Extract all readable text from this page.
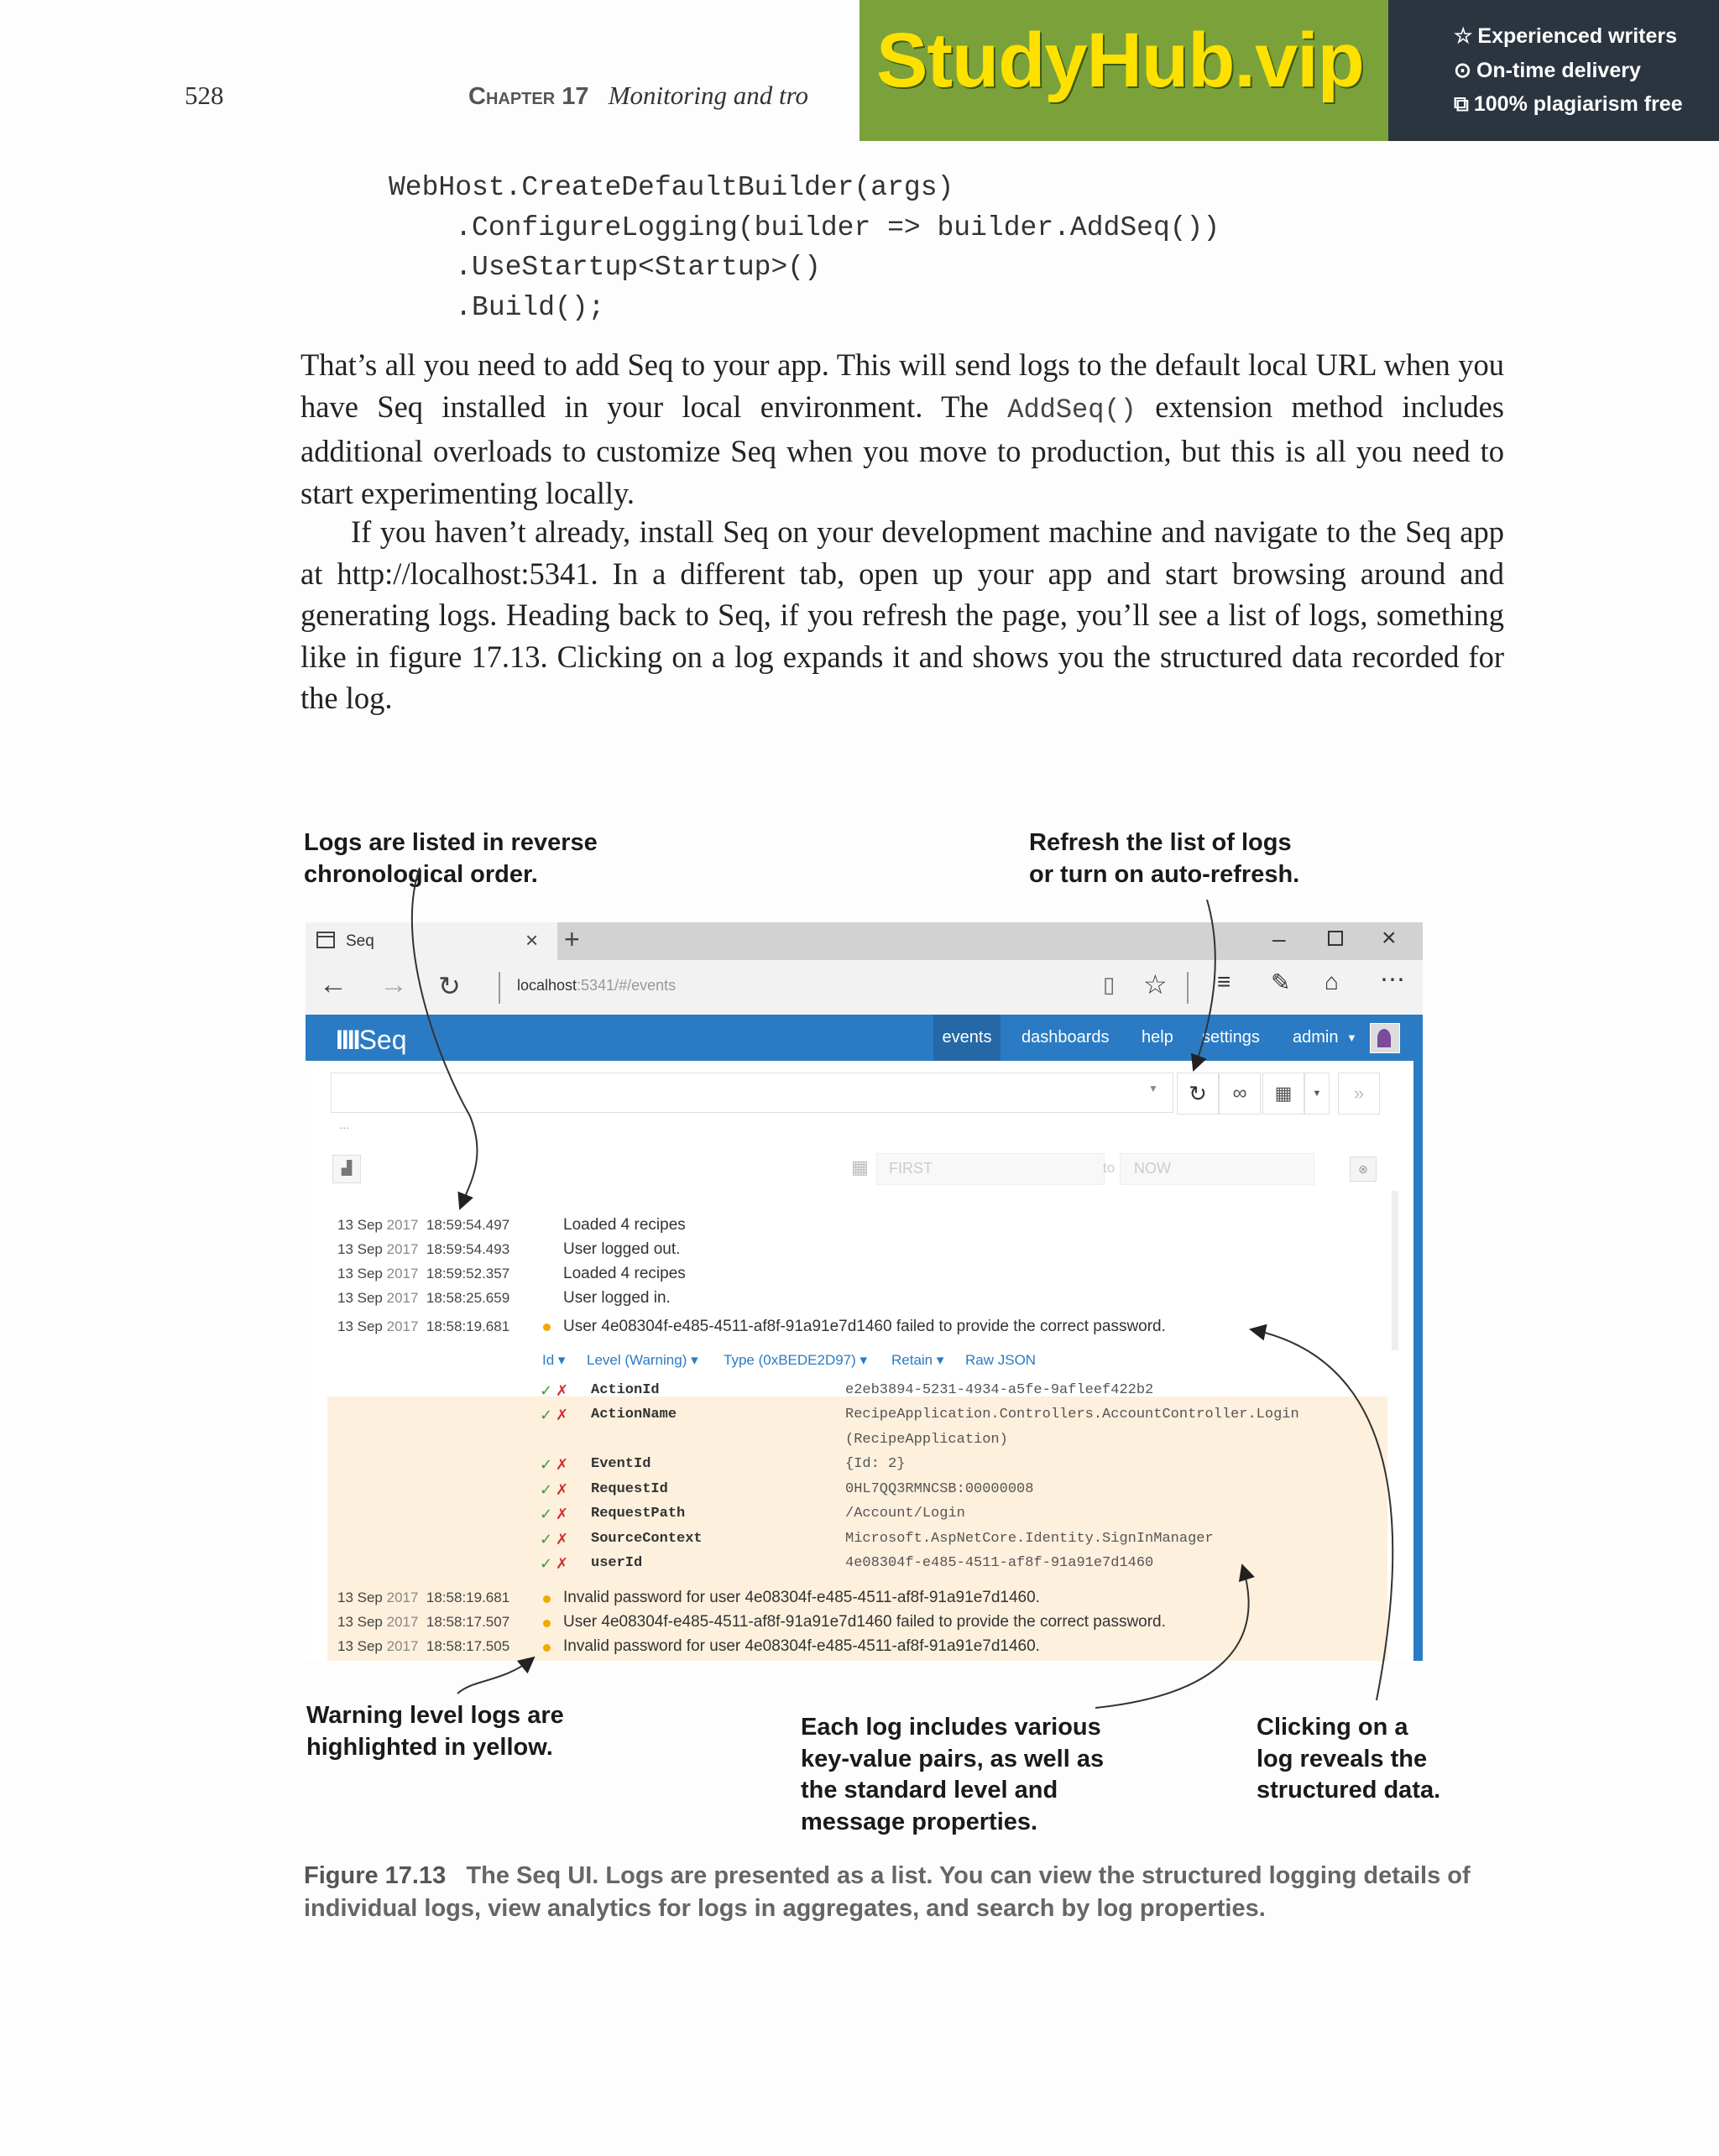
528	Chapter 17 Monitoring and tro StudyHub.vip	☆ Experienced writers
⊙ On-time delivery
⧉ 100% plagiarism free
WebHost.CreateDefaultBuilder(args)
.ConfigureLogging(builder => builder.AddSeq())
.UseStartup<Startup>()
.Build();
That’s all you need to add Seq to your app. This will send logs to the default local URL when you have Seq installed in your local environment. The AddSeq() extension method includes additional overloads to customize Seq when you move to production, but this is all you need to start experimenting locally.
If you haven’t already, install Seq on your development machine and navigate to the Seq app at http://localhost:5341. In a different tab, open up your app and start browsing around and generating logs. Heading back to Seq, if you refresh the page, you’ll see a list of logs, something like in figure 17.13. Clicking on a log expands it and shows you the structured data recorded for the log.
Logs are listed in reverse
chronological order.
Refresh the list of logs
or turn on auto-refresh.
Warning level logs are
highlighted in yellow.
Each log includes various
key-value pairs, as well as
the standard level and
message properties.
Clicking on a
log reveals the
structured data.
Seq	× +	–	×
← → ↻	localhost:5341/#/events	▯ ☆ ≡ ✎ ⌂ ⋯
IIIISeq	events	dashboards help settings admin ▼
▼	↻	∞	▦	▼	»
...
▟	▦ FIRST	to NOW	⊗
13 Sep 2017 18:59:54.497	Loaded 4 recipes
13 Sep 2017 18:59:54.493	User logged out.
13 Sep 2017 18:59:52.357	Loaded 4 recipes
13 Sep 2017 18:58:25.659	User logged in.
13 Sep 2017 18:58:19.681	User 4e08304f-e485-4511-af8f-91a91e7d1460 failed to provide the correct password.
Id ▾ Level (Warning) ▾ Type (0xBEDE2D97) ▾ Retain ▾ Raw JSON
✓ ✗ ActionId	e2eb3894-5231-4934-a5fe-9afleef422b2
✓ ✗ ActionName	RecipeApplication.Controllers.AccountController.Login
(RecipeApplication)
✓ ✗ EventId	{Id: 2}
✓ ✗ RequestId	0HL7QQ3RMNCSB:00000008
✓ ✗ RequestPath	/Account/Login
✓ ✗ SourceContext	Microsoft.AspNetCore.Identity.SignInManager
✓ ✗ userId	4e08304f-e485-4511-af8f-91a91e7d1460
13 Sep 2017 18:58:19.681	Invalid password for user 4e08304f-e485-4511-af8f-91a91e7d1460.
13 Sep 2017 18:58:17.507	User 4e08304f-e485-4511-af8f-91a91e7d1460 failed to provide the correct password.
13 Sep 2017 18:58:17.505	Invalid password for user 4e08304f-e485-4511-af8f-91a91e7d1460.
Figure 17.13 The Seq UI. Logs are presented as a list. You can view the structured logging details of individual logs, view analytics for logs in aggregates, and search by log properties.
